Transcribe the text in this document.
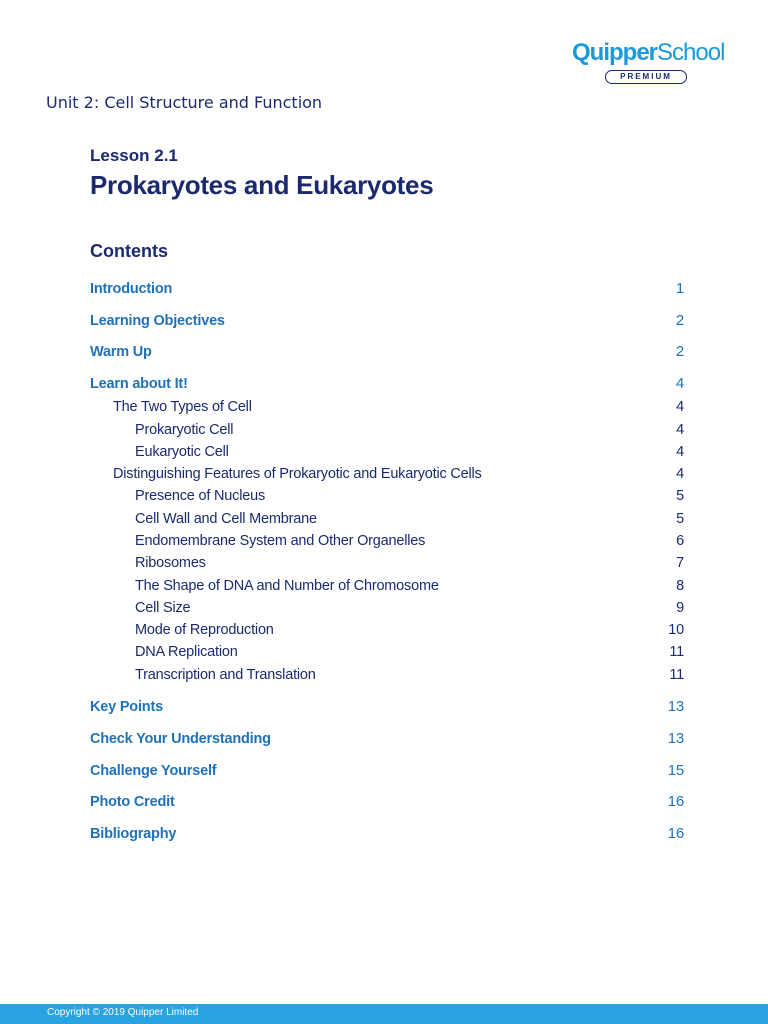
QuipperSchool
PREMIUM
Unit 2: Cell Structure and Function
Lesson 2.1
Prokaryotes and Eukaryotes
Contents
Introduction	1
Learning Objectives	2
Warm Up	2
Learn about It!	4
The Two Types of Cell	4
Prokaryotic Cell	4
Eukaryotic Cell	4
Distinguishing Features of Prokaryotic and Eukaryotic Cells	4
Presence of Nucleus	5
Cell Wall and Cell Membrane	5
Endomembrane System and Other Organelles	6
Ribosomes	7
The Shape of DNA and Number of Chromosome	8
Cell Size	9
Mode of Reproduction	10
DNA Replication	11
Transcription and Translation	11
Key Points	13
Check Your Understanding	13
Challenge Yourself	15
Photo Credit	16
Bibliography	16
Copyright © 2019 Quipper Limited
